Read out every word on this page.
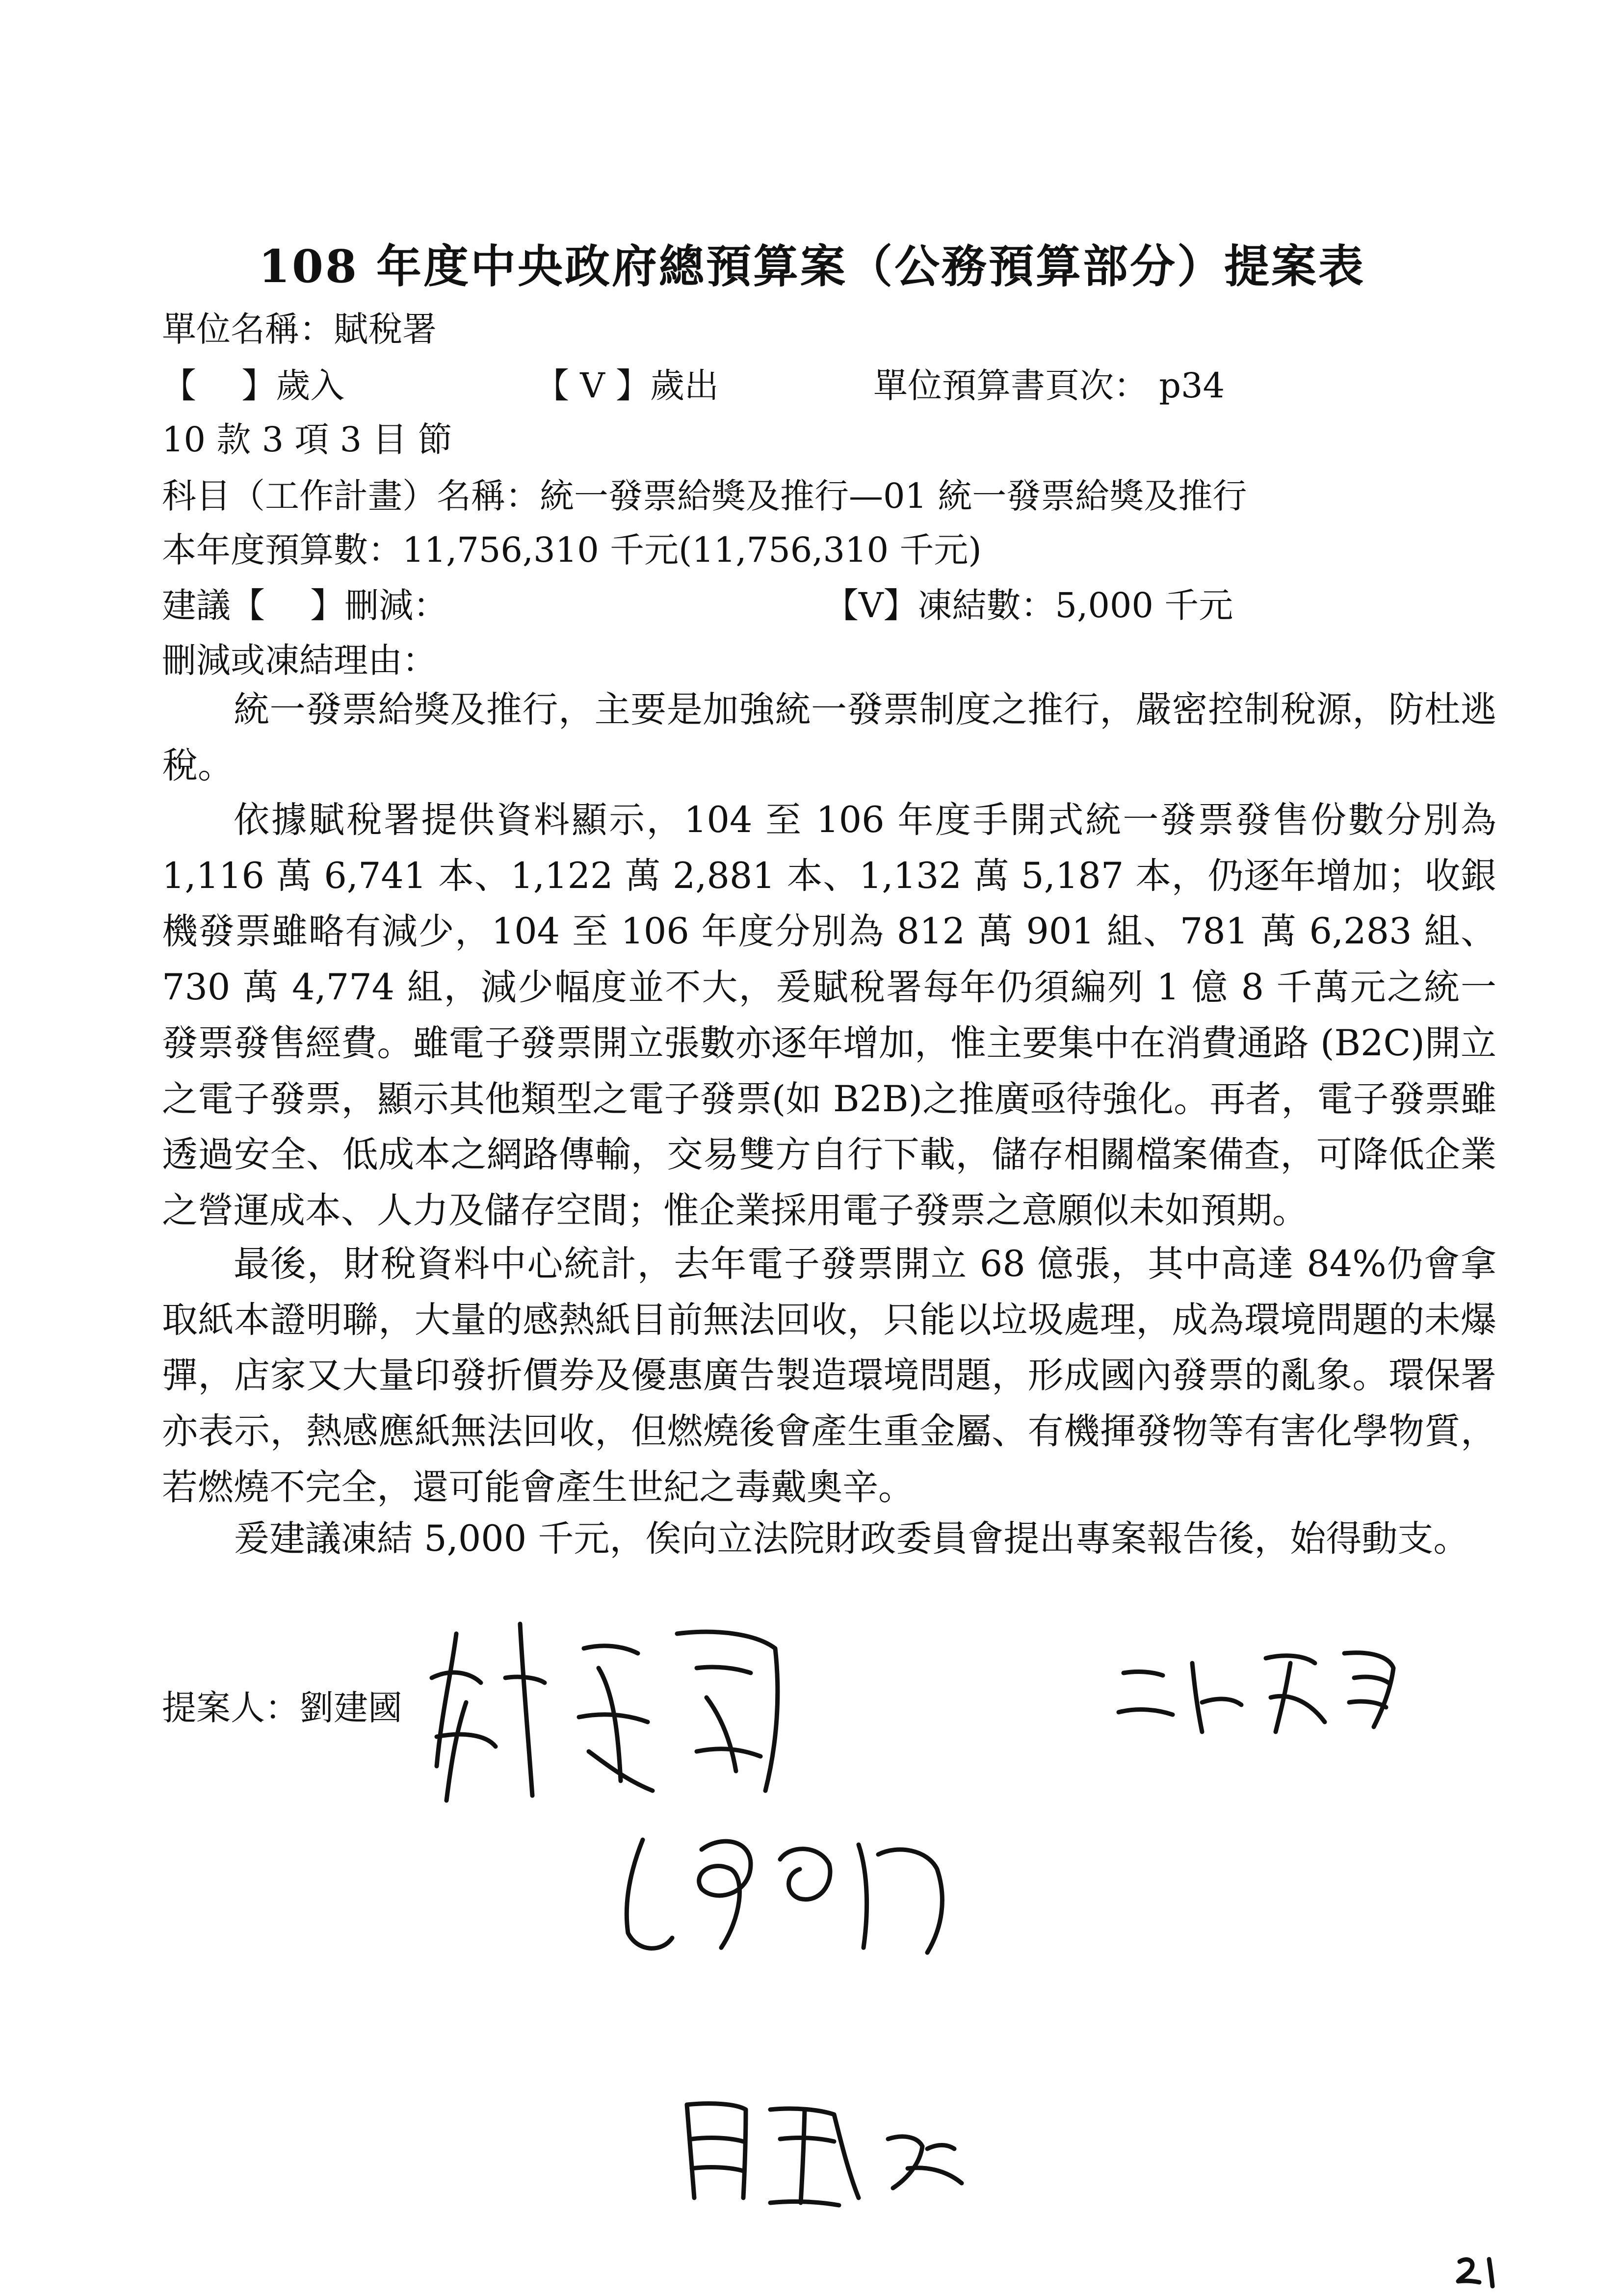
108 年度中央政府總預算案（公務預算部分）提案表
單位名稱：賦稅署
【　 】歲入	【 V 】歲出	單位預算書頁次： p34
10 款 3 項 3 目 節
科目（工作計畫）名稱：統一發票給獎及推行—01 統一發票給獎及推行
本年度預算數：11,756,310 千元(11,756,310 千元)
建議【　 】刪減：	【V】凍結數：5,000 千元
刪減或凍結理由：

統一發票給獎及推行，主要是加強統一發票制度之推行，嚴密控制稅源，防杜逃稅。

依據賦稅署提供資料顯示，104 至 106 年度手開式統一發票發售份數分別為 1,116 萬 6,741 本、1,122 萬 2,881 本、1,132 萬 5,187 本，仍逐年增加；收銀機發票雖略有減少，104 至 106 年度分別為 812 萬 901 組、781 萬 6,283 組、730 萬 4,774 組，減少幅度並不大，爰賦稅署每年仍須編列 1 億 8 千萬元之統一發票發售經費。雖電子發票開立張數亦逐年增加，惟主要集中在消費通路 (B2C)開立之電子發票，顯示其他類型之電子發票(如 B2B)之推廣亟待強化。再者，電子發票雖透過安全、低成本之網路傳輸，交易雙方自行下載，儲存相關檔案備查，可降低企業之營運成本、人力及儲存空間；惟企業採用電子發票之意願似未如預期。

最後，財稅資料中心統計，去年電子發票開立 68 億張，其中高達 84%仍會拿取紙本證明聯，大量的感熱紙目前無法回收，只能以垃圾處理，成為環境問題的未爆彈，店家又大量印發折價券及優惠廣告製造環境問題，形成國內發票的亂象。環保署亦表示，熱感應紙無法回收，但燃燒後會產生重金屬、有機揮發物等有害化學物質，若燃燒不完全，還可能會產生世紀之毒戴奧辛。

爰建議凍結 5,000 千元，俟向立法院財政委員會提出專案報告後，始得動支。

提案人：劉建國
